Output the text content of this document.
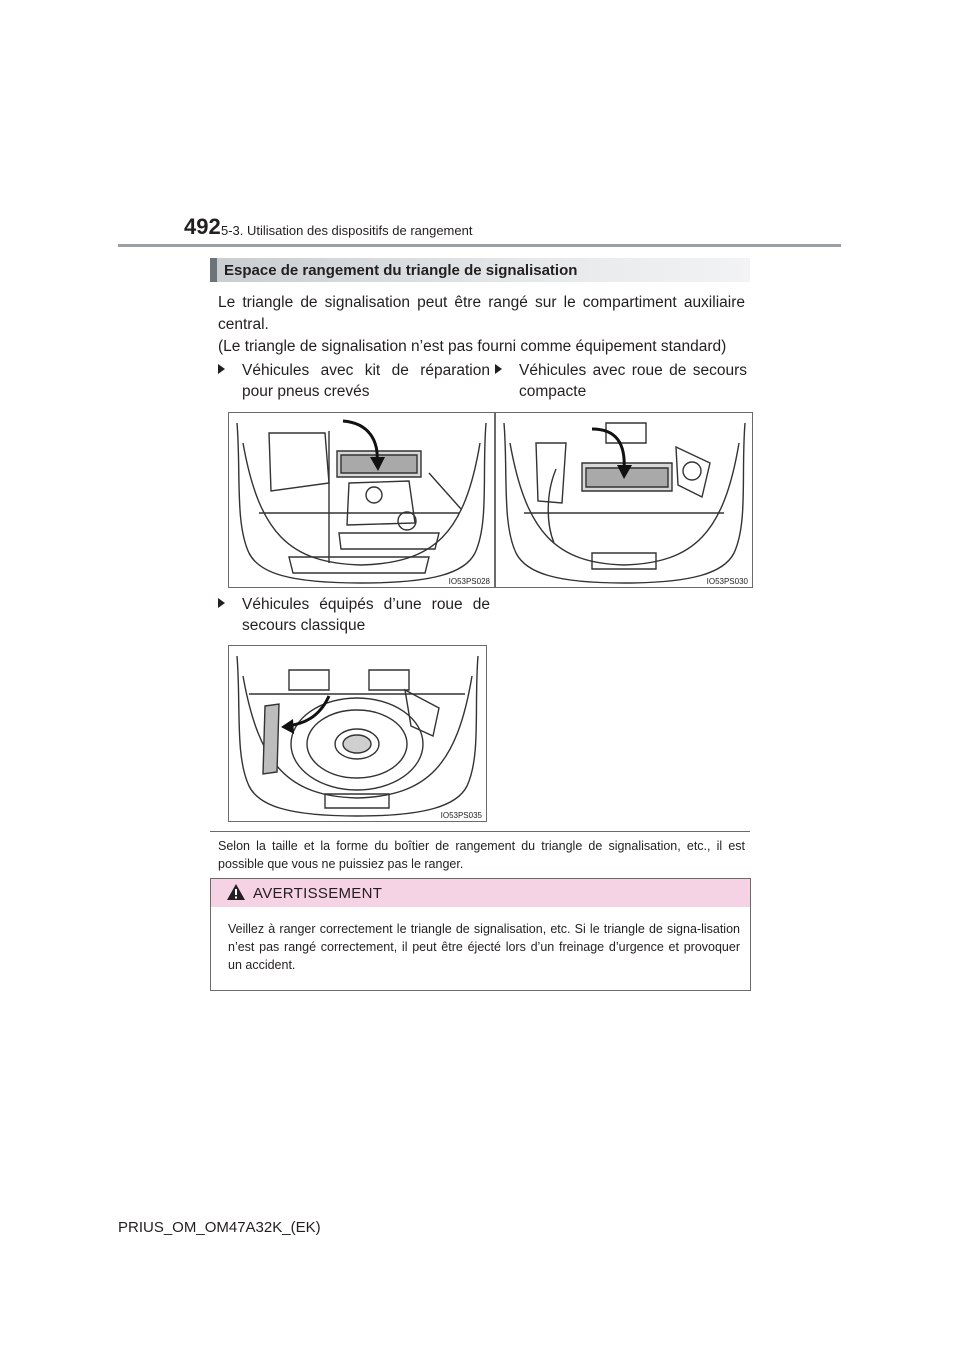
492 5-3. Utilisation des dispositifs de rangement
Espace de rangement du triangle de signalisation

Le triangle de signalisation peut être rangé sur le compartiment auxiliaire central.

(Le triangle de signalisation n’est pas fourni comme équipement standard)

Véhicules avec kit de réparation pour pneus crevés
Véhicules avec roue de secours compacte
Véhicules équipés d’une roue de secours classique
IO53PS028	IO53PS030
IO53PS035
Selon la taille et la forme du boîtier de rangement du triangle de signalisation, etc., il est possible que vous ne puissiez pas le ranger.
AVERTISSEMENT
Veillez à ranger correctement le triangle de signalisation, etc. Si le triangle de signa-lisation n’est pas rangé correctement, il peut être éjecté lors d’un freinage d’urgence et provoquer un accident.
PRIUS_OM_OM47A32K_(EK)
